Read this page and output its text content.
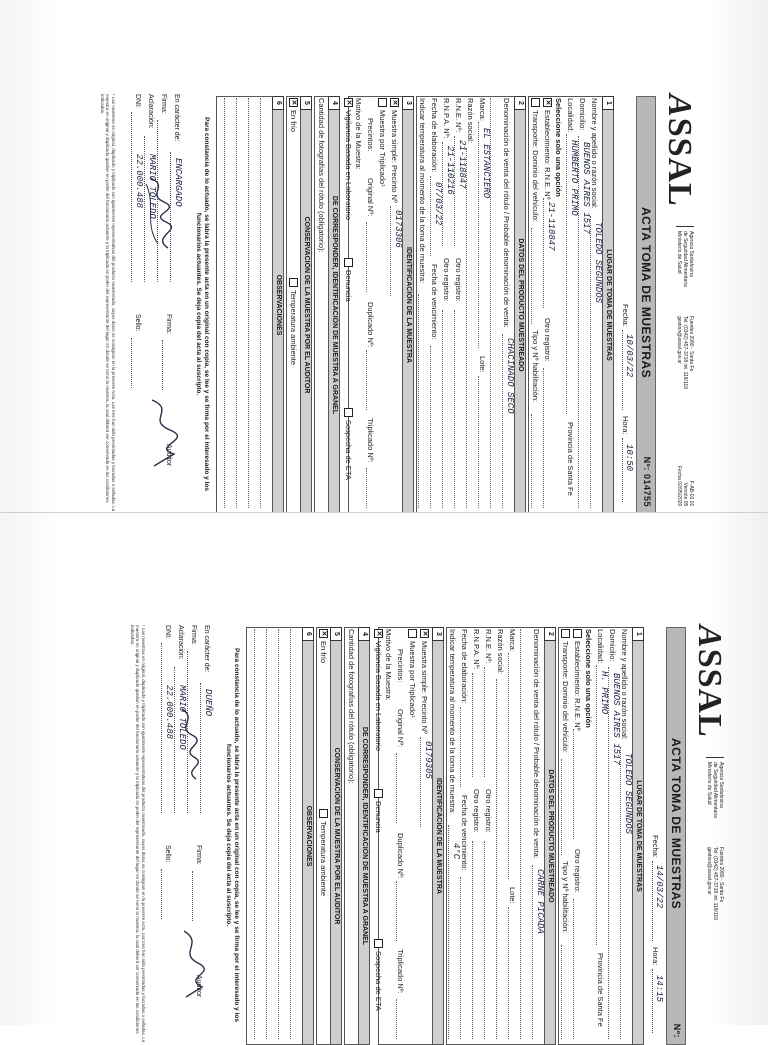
ASSAL
Agencia Santafesina
de Seguridad Alimentaria
Ministerio de Salud
Fuentes 2080 - Santa Fe
Tel: (0342) 457-3718 int. 118/119
gestion@assal.gov.ar
F-AB-02.01
Versión 05
Fecha 02/05/2020
ACTA TOMA DE MUESTRAS
Nº: 014755
Fecha:
10/03/22
Hora:
10:50
1
LUGAR DE TOMA DE MUESTRAS
Nombre y apellido o razón social:
TOLEDO SEGUNDOS
Domicilio:
BUENOS AIRES 1517
Localidad:
HUMBERTO PRIMO
Provincia de Santa Fe
Seleccione solo una opción
✕
Establecimiento: R.N.E. Nº
21-118847
Otro registro:
Transporte: Dominio del vehículo:
Tipo y Nº habilitación:
2
DATOS DEL PRODUCTO MUESTREADO
Denominación de venta del rótulo / Probable denominación de venta:
CHACINADO SECO
Marca:
EL ESTANCIERO
Lote:
Razón social:
R.N.E. Nº:
21-118847
Otro registro:
R.N.P.A. Nº:
21-110216
Otro registro:
Fecha de elaboración:
07/03/22
Fecha de vencimiento:
Indicar temperatura al momento de la toma de muestra:
3
IDENTIFICACIÓN DE LA MUESTRA
✕
Muestra simple: Precinto Nº
0173306
Muestra por Triplicado¹
Precintos:
Original Nº:
Duplicado Nº:
Triplicado Nº:
Motivo de la Muestra:
✕
Vigilancia Basada en Laboratorio
Denuncia
Sospecha de ETA
4
DE CORRESPONDER, IDENTIFICACIÓN DE MUESTRA A GRANEL
Cantidad de fotografías del rótulo (obligatorio):
5
CONSERVACIÓN DE LA MUESTRA POR EL AUDITOR
✕
En frío
Temperatura ambiente
6
OBSERVACIONES
Para constancia de lo actuado, se labra la presente acta en un original con copia, se lee y se firma por el interesado y los funcionarios actuantes. Se deja copia del acta al suscripto.
En carácter de:
ENCARGADO
Firma:
Aclaración:
MARIO TOLEDO
DNI:
22.000.488
Firma:
Sello:
Auditor
¹ Las muestras en original, duplicado y triplicado son igualmente representativas del producto muestreado, cuyos datos se consignan en la presente Acta. Las tres han sido precintadas y lacradas o selladas. La muestra en original y duplicado quedan en poder del funcionario actuante y la triplicada en poder del representante del lugar en donde se tomó la muestra, la cual deberá ser conservada en las condiciones indicadas.
ASSAL
Agencia Santafesina
de Seguridad Alimentaria
Ministerio de Salud
Fuentes 2080 - Santa Fe
Tel: (0342) 457-3718 int. 118/119
gestion@assal.gov.ar
ACTA TOMA DE MUESTRAS
Nº:
Fecha:
14/03/22
Hora:
14:15
1
LUGAR DE TOMA DE MUESTRAS
Nombre y apellido o razón social:
TOLEDO SEGUNDOS
Domicilio:
BUENOS AIRES 1517
Localidad:
H. PRIMO
Provincia de Santa Fe
Seleccione solo una opción
Establecimiento: R.N.E. Nº
Otro registro:
Transporte: Dominio del vehículo:
Tipo y Nº habilitación:
2
DATOS DEL PRODUCTO MUESTREADO
Denominación de venta del rótulo / Probable denominación de venta:
CARNE PICADA
Marca:
Lote:
Razón social:
R.N.E. Nº:
Otro registro:
R.N.P.A. Nº:
Otro registro:
Fecha de elaboración:
Fecha de vencimiento:
Indicar temperatura al momento de la toma de muestra:
4°C
3
IDENTIFICACIÓN DE LA MUESTRA
✕
Muestra simple: Precinto Nº
0179305
Muestra por Triplicado¹
Precintos:
Original Nº:
Duplicado Nº:
Triplicado Nº:
Motivo de la Muestra:
✕
Vigilancia Basada en Laboratorio
Denuncia
Sospecha de ETA
4
DE CORRESPONDER, IDENTIFICACIÓN DE MUESTRA A GRANEL
Cantidad de fotografías del rótulo (obligatorio):
5
CONSERVACIÓN DE LA MUESTRA POR EL AUDITOR
✕
En frío
Temperatura ambiente
6
OBSERVACIONES
Para constancia de lo actuado, se labra la presente acta en un original con copia, se lee y se firma por el interesado y los funcionarios actuantes. Se deja copia del acta al suscripto.
En carácter de:
DUEÑO
Firma:
Aclaración:
MARIO TOLEDO
DNI:
22.000.488
Firma:
Sello:
Auditor
¹ Las muestras en original, duplicado y triplicado son igualmente representativas del producto muestreado, cuyos datos se consignan en la presente Acta. Las tres han sido precintadas y lacradas o selladas. La muestra en original y duplicado quedan en poder del funcionario actuante y la triplicada en poder del representante del lugar en donde se tomó la muestra, la cual deberá ser conservada en las condiciones indicadas.
